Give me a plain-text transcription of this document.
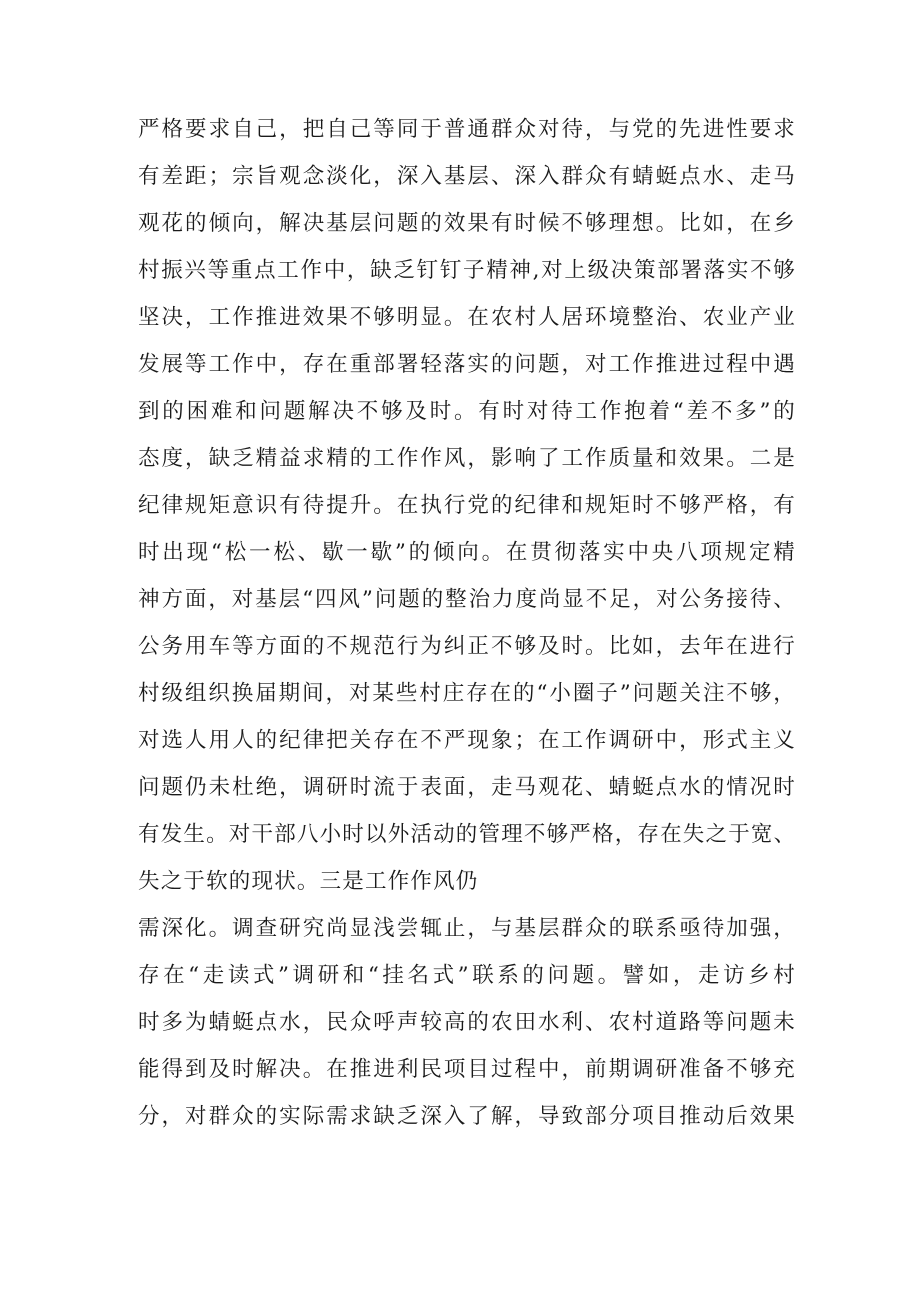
严格要求自己，把自己等同于普通群众对待，与党的先进性要求
有差距；宗旨观念淡化，深入基层、深入群众有蜻蜓点水、走马
观花的倾向，解决基层问题的效果有时候不够理想。比如，在乡
村振兴等重点工作中，缺乏钉钉子精神,对上级决策部署落实不够
坚决，工作推进效果不够明显。在农村人居环境整治、农业产业
发展等工作中，存在重部署轻落实的问题，对工作推进过程中遇
到的困难和问题解决不够及时。有时对待工作抱着“差不多”的
态度，缺乏精益求精的工作作风，影响了工作质量和效果。二是
纪律规矩意识有待提升。在执行党的纪律和规矩时不够严格，有
时出现“松一松、歇一歇”的倾向。在贯彻落实中央八项规定精
神方面，对基层“四风”问题的整治力度尚显不足，对公务接待、
公务用车等方面的不规范行为纠正不够及时。比如，去年在进行
村级组织换届期间，对某些村庄存在的“小圈子”问题关注不够，
对选人用人的纪律把关存在不严现象；在工作调研中，形式主义
问题仍未杜绝，调研时流于表面，走马观花、蜻蜓点水的情况时
有发生。对干部八小时以外活动的管理不够严格，存在失之于宽、
失之于软的现状。三是工作作风仍
需深化。调查研究尚显浅尝辄止，与基层群众的联系亟待加强，
存在“走读式”调研和“挂名式”联系的问题。譬如，走访乡村
时多为蜻蜓点水，民众呼声较高的农田水利、农村道路等问题未
能得到及时解决。在推进利民项目过程中，前期调研准备不够充
分，对群众的实际需求缺乏深入了解，导致部分项目推动后效果
